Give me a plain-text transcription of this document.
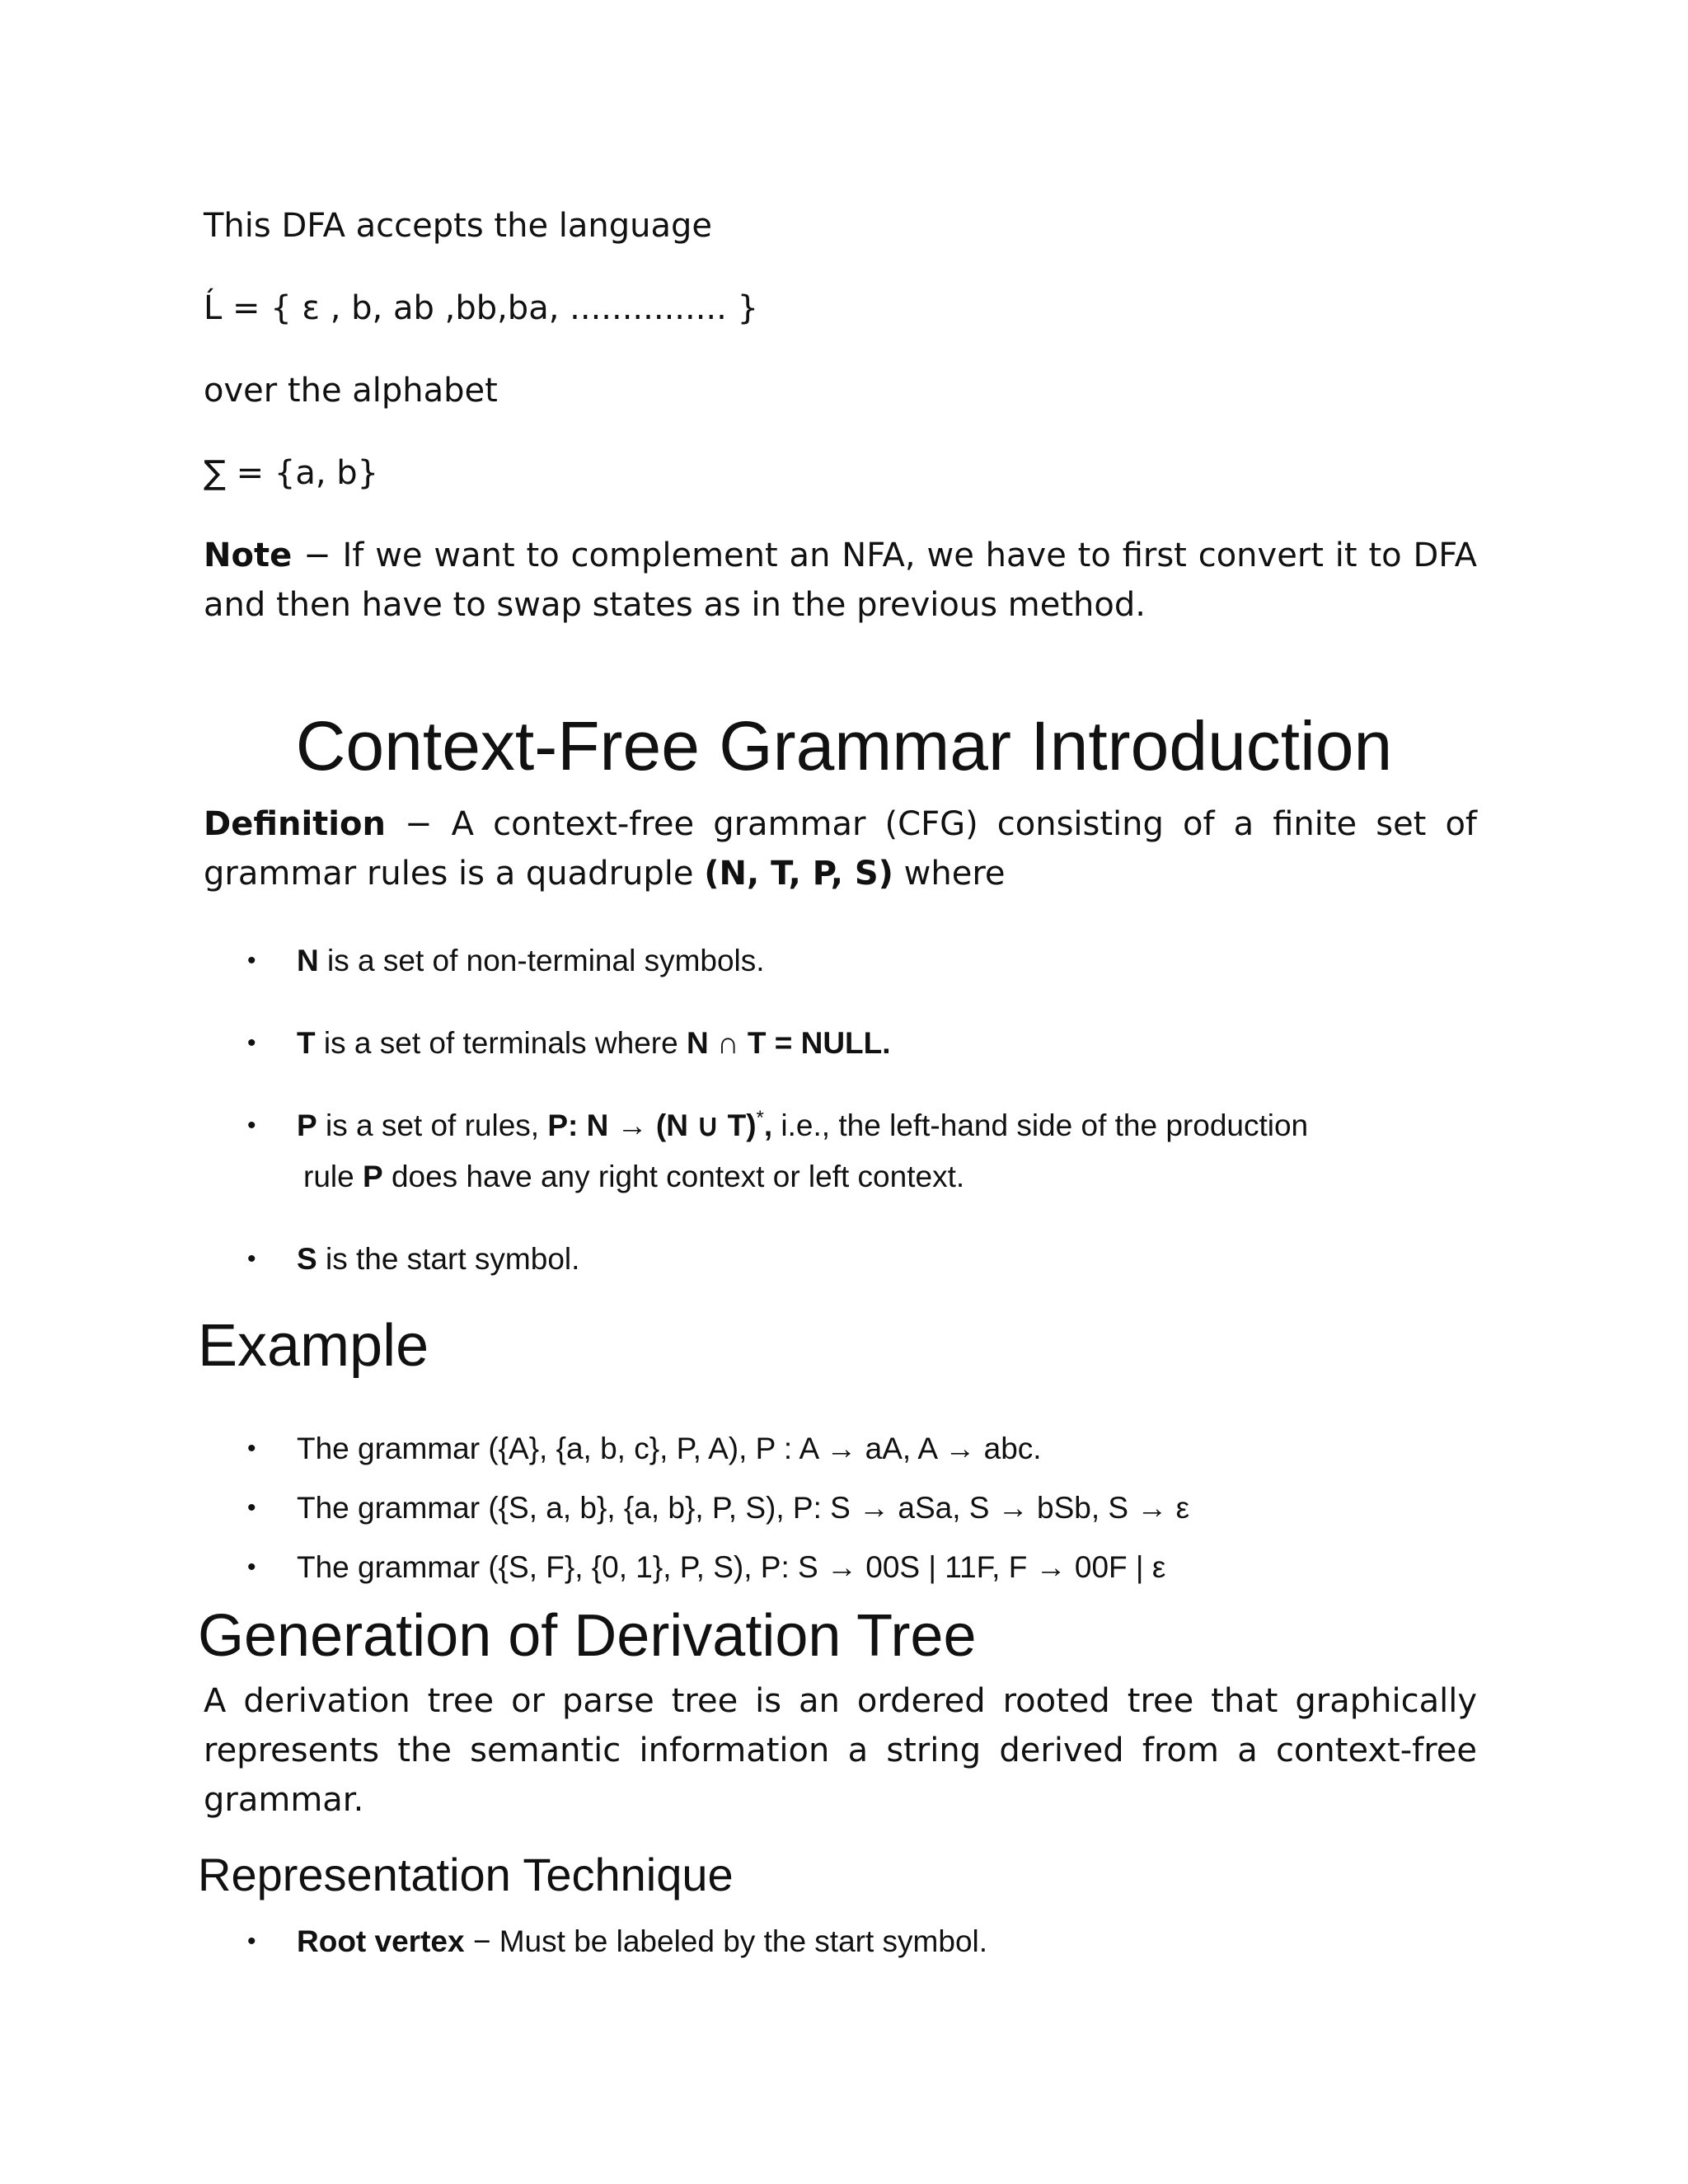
This DFA accepts the language

Ĺ = { ε , b, ab ,bb,ba, ............... }

over the alphabet

∑ = {a, b}

Note − If we want to complement an NFA, we have to first convert it to DFA and then have to swap states as in the previous method.

Context-Free Grammar Introduction

Definition − A context-free grammar (CFG) consisting of a finite set of grammar rules is a quadruple (N, T, P, S) where

•	N is a set of non-terminal symbols.
•	T is a set of terminals where N ∩ T = NULL.
•	P is a set of rules, P: N → (N ∪ T)*, i.e., the left-hand side of the production
rule P does have any right context or left context.
•	S is the start symbol.
Example
•	The grammar ({A}, {a, b, c}, P, A), P : A → aA, A → abc.
•	The grammar ({S, a, b}, {a, b}, P, S), P: S → aSa, S → bSb, S → ε
•	The grammar ({S, F}, {0, 1}, P, S), P: S → 00S | 11F, F → 00F | ε
Generation of Derivation Tree

A derivation tree or parse tree is an ordered rooted tree that graphically represents the semantic information a string derived from a context-free grammar.

Representation Technique
•	Root vertex − Must be labeled by the start symbol.
